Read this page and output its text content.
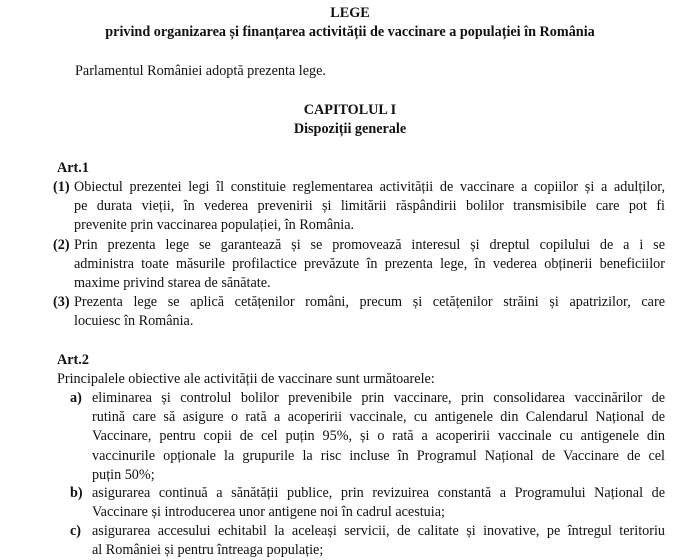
LEGE
privind organizarea și finanțarea activității de vaccinare a populației în România
Parlamentul României adoptă prezenta lege.
CAPITOLUL I
Dispoziții generale
Art.1
(1) Obiectul prezentei legi îl constituie reglementarea activității de vaccinare a copiilor și a adulților,

pe durata vieții, în vederea prevenirii și limitării răspândirii bolilor transmisibile care pot fi

prevenite prin vaccinarea populației, în România.

(2) Prin prezenta lege se garantează și se promovează interesul și dreptul copilului de a i se

administra toate măsurile profilactice prevăzute în prezenta lege, în vederea obținerii beneficiilor

maxime privind starea de sănătate.

(3) Prezenta lege se aplică cetățenilor români, precum și cetățenilor străini și apatrizilor, care

locuiesc în România.

Art.2
Principalele obiective ale activității de vaccinare sunt următoarele:
a) eliminarea și controlul bolilor prevenibile prin vaccinare, prin consolidarea vaccinărilor de

rutină care să asigure o rată a acoperirii vaccinale, cu antigenele din Calendarul Național de

Vaccinare, pentru copii de cel puțin 95%, și o rată a acoperirii vaccinale cu antigenele din

vaccinurile opționale la grupurile la risc incluse în Programul Național de Vaccinare de cel

puțin 50%;

b) asigurarea continuă a sănătății publice, prin revizuirea constantă a Programului Național de

Vaccinare și introducerea unor antigene noi în cadrul acestuia;

c) asigurarea accesului echitabil la aceleași servicii, de calitate și inovative, pe întregul teritoriu

al României și pentru întreaga populație;
